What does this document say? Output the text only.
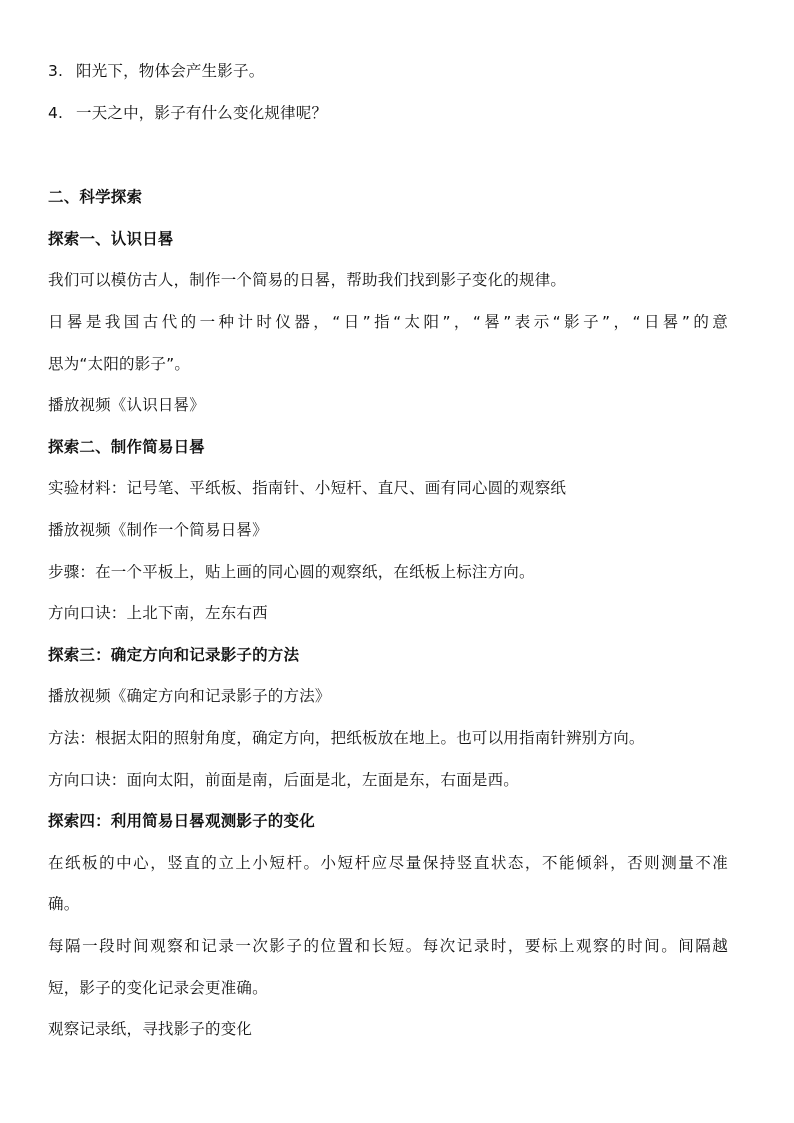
3. 阳光下，物体会产生影子。
4. 一天之中，影子有什么变化规律呢？
二、科学探索
探索一、认识日晷
我们可以模仿古人，制作一个简易的日晷，帮助我们找到影子变化的规律。
日晷是我国古代的一种计时仪器，“日”指“太阳”，“晷”表示“影子”，“日晷”的意
思为“太阳的影子”。
播放视频《认识日晷》
探索二、制作简易日晷
实验材料：记号笔、平纸板、指南针、小短杆、直尺、画有同心圆的观察纸
播放视频《制作一个简易日晷》
步骤：在一个平板上，贴上画的同心圆的观察纸，在纸板上标注方向。
方向口诀：上北下南，左东右西
探索三：确定方向和记录影子的方法
播放视频《确定方向和记录影子的方法》
方法：根据太阳的照射角度，确定方向，把纸板放在地上。也可以用指南针辨别方向。
方向口诀：面向太阳，前面是南，后面是北，左面是东，右面是西。
探索四：利用简易日晷观测影子的变化
在纸板的中心，竖直的立上小短杆。小短杆应尽量保持竖直状态，不能倾斜，否则测量不准
确。
每隔一段时间观察和记录一次影子的位置和长短。每次记录时，要标上观察的时间。间隔越
短，影子的变化记录会更准确。
观察记录纸，寻找影子的变化
